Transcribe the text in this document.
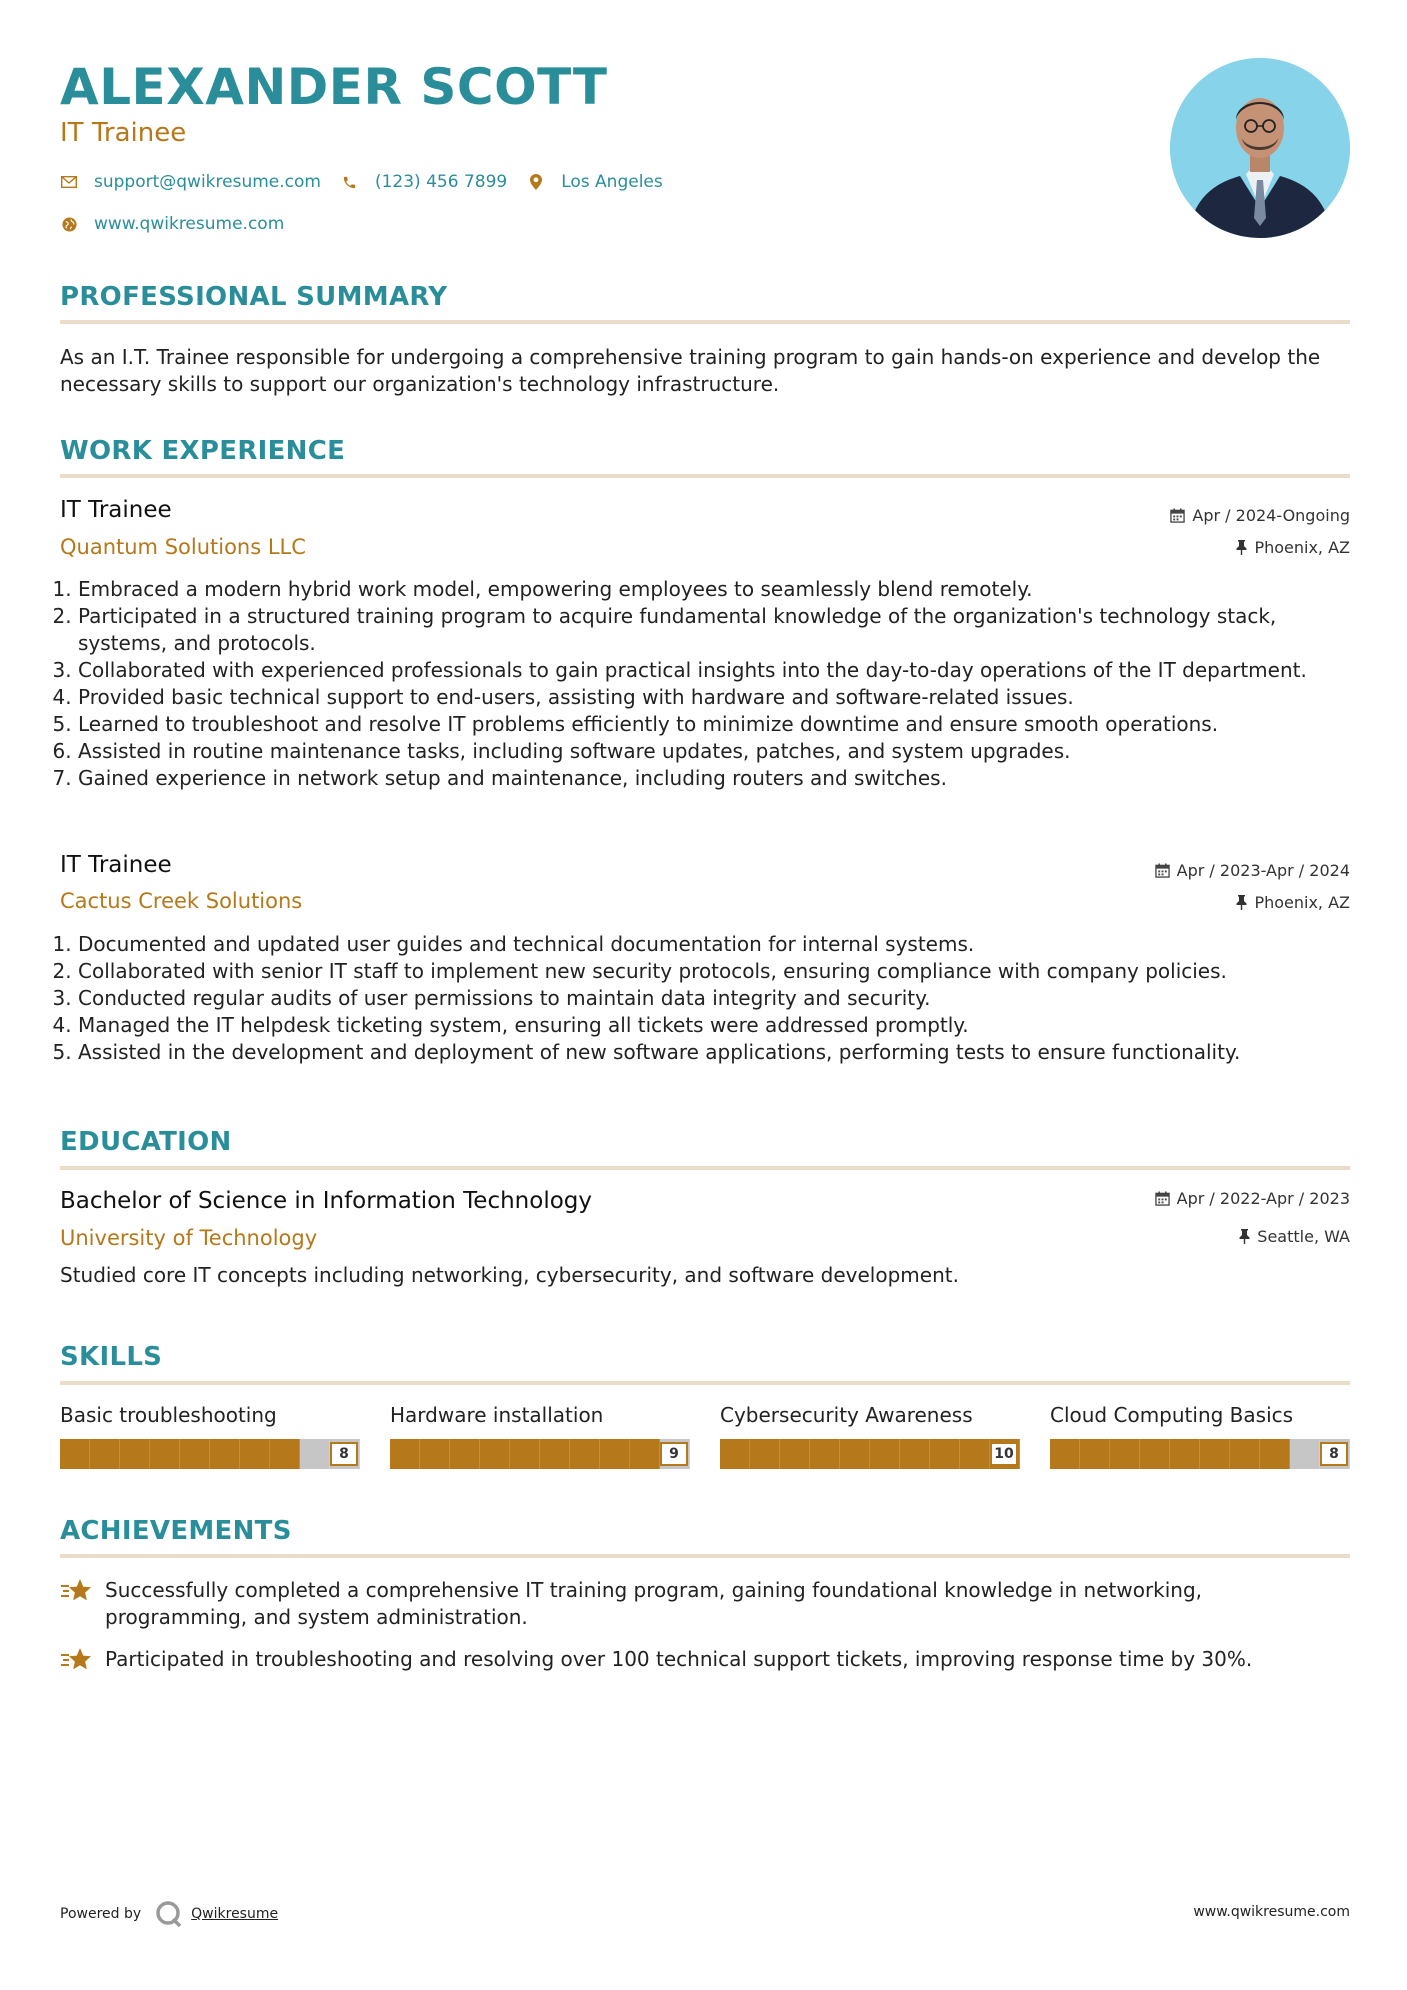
ALEXANDER SCOTT
IT Trainee
support@qwikresume.com	(123) 456 7899	Los Angeles
www.qwikresume.com
PROFESSIONAL SUMMARY
As an I.T. Trainee responsible for undergoing a comprehensive training program to gain hands-on experience and develop the necessary skills to support our organization's technology infrastructure.
WORK EXPERIENCE
IT Trainee	Apr / 2024-Ongoing
Quantum Solutions LLC	Phoenix, AZ
1. Embraced a modern hybrid work model, empowering employees to seamlessly blend remotely.
2. Participated in a structured training program to acquire fundamental knowledge of the organization's technology stack, systems, and protocols.
3. Collaborated with experienced professionals to gain practical insights into the day-to-day operations of the IT department.
4. Provided basic technical support to end-users, assisting with hardware and software-related issues.
5. Learned to troubleshoot and resolve IT problems efficiently to minimize downtime and ensure smooth operations.
6. Assisted in routine maintenance tasks, including software updates, patches, and system upgrades.
7. Gained experience in network setup and maintenance, including routers and switches.
IT Trainee	Apr / 2023-Apr / 2024
Cactus Creek Solutions	Phoenix, AZ
1. Documented and updated user guides and technical documentation for internal systems.
2. Collaborated with senior IT staff to implement new security protocols, ensuring compliance with company policies.
3. Conducted regular audits of user permissions to maintain data integrity and security.
4. Managed the IT helpdesk ticketing system, ensuring all tickets were addressed promptly.
5. Assisted in the development and deployment of new software applications, performing tests to ensure functionality.
EDUCATION
Bachelor of Science in Information Technology	Apr / 2022-Apr / 2023
University of Technology	Seattle, WA
Studied core IT concepts including networking, cybersecurity, and software development.
SKILLS
Basic troubleshooting
8
Hardware installation
9
Cybersecurity Awareness
10
Cloud Computing Basics
8
ACHIEVEMENTS
Successfully completed a comprehensive IT training program, gaining foundational knowledge in networking, programming, and system administration.
Participated in troubleshooting and resolving over 100 technical support tickets, improving response time by 30%.
Powered by	Qwikresume	www.qwikresume.com
